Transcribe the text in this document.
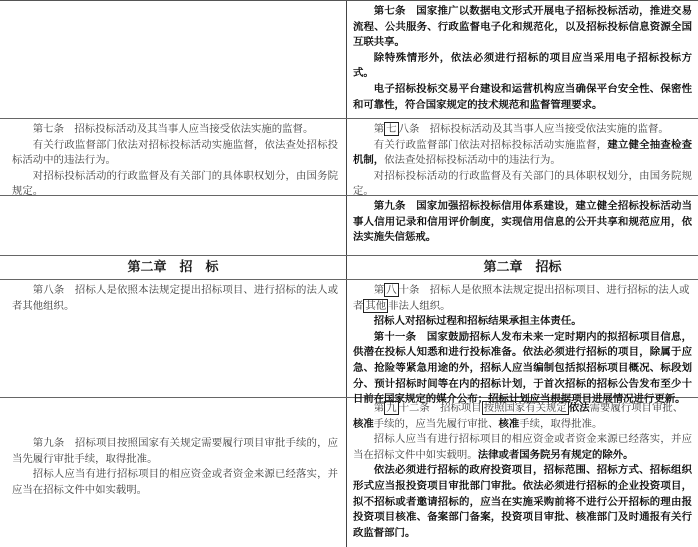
第七条　国家推广以数据电文形式开展电子招标投标活动，推进交易流程、公共服务、行政监督电子化和规范化，以及招标投标信息资源全国互联共享。

除特殊情形外，依法必须进行招标的项目应当采用电子招标投标方式。

电子招标投标交易平台建设和运营机构应当确保平台安全性、保密性和可靠性，符合国家规定的技术规范和监督管理要求。

第七条　招标投标活动及其当事人应当接受依法实施的监督。

有关行政监督部门依法对招标投标活动实施监督，依法查处招标投标活动中的违法行为。

对招标投标活动的行政监督及有关部门的具体职权划分，由国务院规定。

第 七 八条　招标投标活动及其当事人应当接受依法实施的监督。

有关行政监督部门依法对招标投标活动实施监督，建立健全抽查检查机制，依法查处招标投标活动中的违法行为。

对招标投标活动的行政监督及有关部门的具体职权划分，由国务院规定。

第九条　国家加强招标投标信用体系建设，建立健全招标投标活动当事人信用记录和信用评价制度，实现信用信息的公开共享和规范应用，依法实施失信惩戒。

第二章　招　标	第二章　招标

第八条　招标人是依照本法规定提出招标项目、进行招标的法人或者其他组织。

第 八 十条　招标人是依照本法规定提出招标项目、进行招标的法人或

者 其他 非法人组织。

招标人对招标过程和招标结果承担主体责任。

第十一条　国家鼓励招标人发布未来一定时期内的拟招标项目信息，供潜在投标人知悉和进行投标准备。依法必须进行招标的项目，除属于应急、抢险等紧急用途的外，招标人应当编制包括拟招标项目概况、标段划分、预计招标时间等在内的招标计划，于首次招标的招标公告发布至少十日前在国家规定的媒介公布；招标计划应当根据项目进展情况进行更新。

第九条　招标项目按照国家有关规定需要履行项目审批手续的，应当先履行审批手续，取得批准。

招标人应当有进行招标项目的相应资金或者资金来源已经落实，并应当在招标文件中如实载明。

第 九 十二条　招标项目 按照国家有关规定 依法需要履行项目审批、

核准手续的，应当先履行审批、核准手续，取得批准。

招标人应当有进行招标项目的相应资金或者资金来源已经落实，并应当在招标文件中如实载明。法律或者国务院另有规定的除外。

依法必须进行招标的政府投资项目，招标范围、招标方式、招标组织形式应当报投资项目审批部门审批。依法必须进行招标的企业投资项目，拟不招标或者邀请招标的，应当在实施采购前将不进行公开招标的理由报投资项目核准、备案部门备案，投资项目审批、核准部门及时通报有关行政监督部门。
